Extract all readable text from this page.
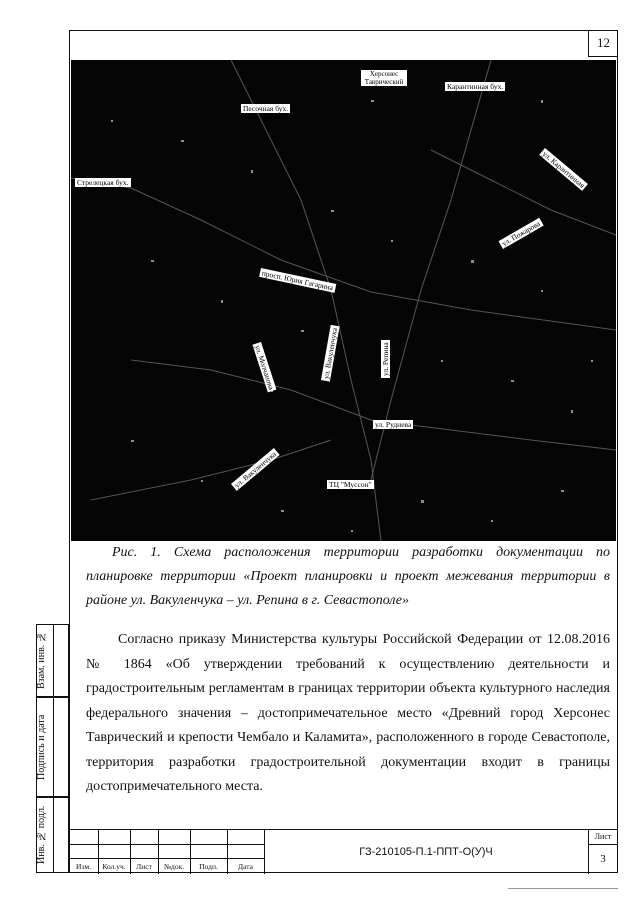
12
Херсонес Таврический	Карантинная бух.
Песочная бух.
ул. Карантинная
Стрелецкая бух.
ул. Пожарова
просп. Юрия Гагарина
ул. Молчанова	ул. Вакуленчука	ул. Репина
ул. Руднева
ул. Вакуленчука	ТЦ "Муссон"
Рис. 1. Схема расположения территории разработки документации по планировке территории «Проект планировки и проект межевания территории в районе ул. Вакуленчука – ул. Репина в г. Севастополе»
Согласно приказу Министерства культуры Российской Федерации от 12.08.2016 № 1864 «Об утверждении требований к осуществлению деятельности и градостроительным регламентам в границах территории объекта культурного наследия федерального значения – достопримечательное место «Древний город Херсонес Таврический и крепости Чембало и Каламита», расположенного в городе Севастополе, территория разработки градостроительной документации входит в границы достопримечательного места.
Взам. инв. №
Подпись и дата
Инв. № подл.
Изм.	Кол.уч.	Лист	№док.	Подп.	Дата
ГЗ-210105-П.1-ППТ-О(У)Ч
Лист
3
